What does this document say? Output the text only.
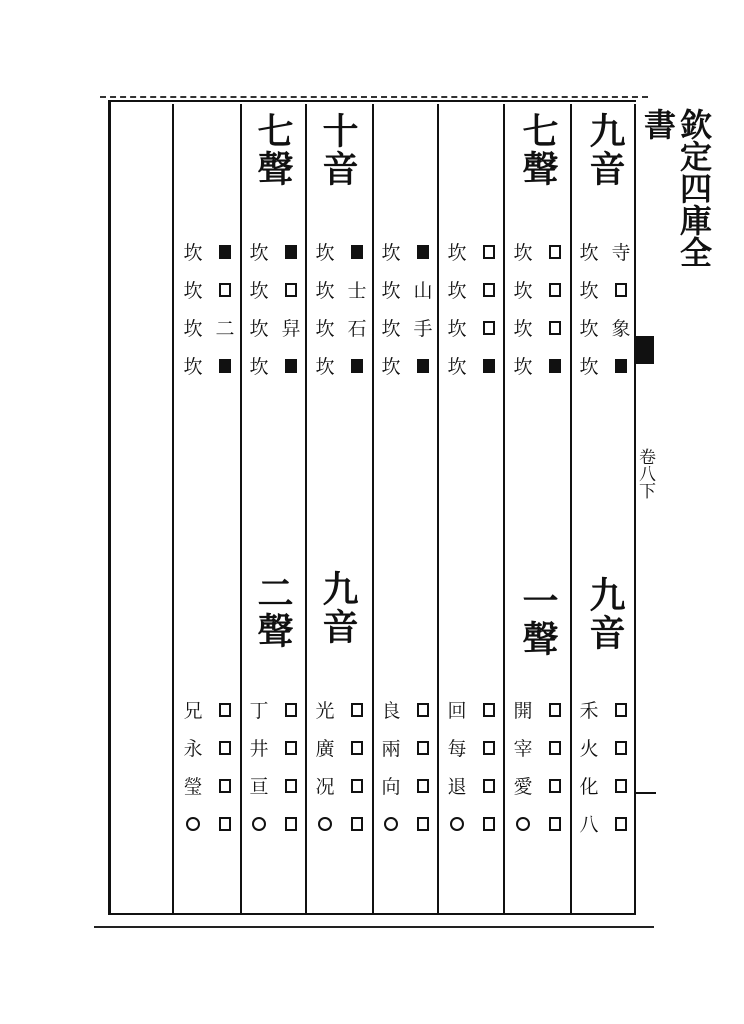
欽定四庫全書
卷八下
九音
七聲
十音
七聲
九音
一聲
九音
二聲
坎 寺
坎
坎 象
坎
坎
坎
坎
坎
坎
坎
坎
坎
坎
坎 山
坎 手
坎
坎
坎 士
坎 石
坎
坎
坎
坎 舁
坎
坎
坎
坎 二
坎
禾
火
化
八
開
宰
愛
回
每
退
良
兩
向
光
廣
况
丁
井
亘
兄
永
瑩
